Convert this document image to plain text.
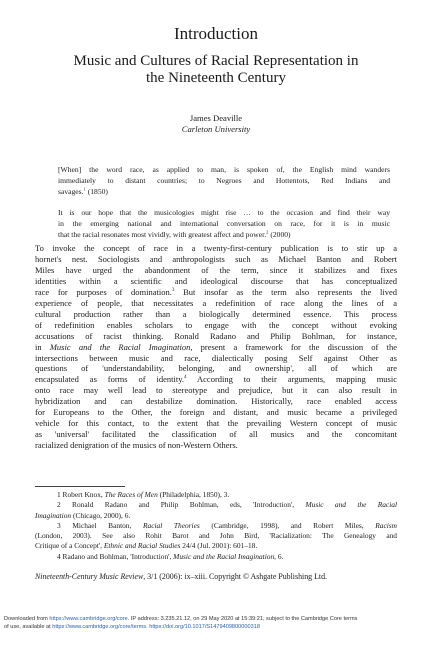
Introduction
Music and Cultures of Racial Representation in
the Nineteenth Century
James Deaville
Carleton University
[When] the word race, as applied to man, is spoken of, the English mind wanders
immediately to distant countries; to Negroes and Hottentots, Red Indians and
savages.$^1$ (1850)
It is our hope that the musicologies might rise … to the occasion and find their way
in the emerging national and international conversation on race, for it is in music
that the racial resonates most vividly, with greatest affect and power.$^2$ (2000)
To invoke the concept of race in a twenty-first-century publication is to stir up a
hornet's nest. Sociologists and anthropologists such as Michael Banton and Robert
Miles have urged the abandonment of the term, since it stabilizes and fixes
identities within a scientific and ideological discourse that has conceptualized
race for purposes of domination.$^3$ But insofar as the term also represents the lived
experience of people, that necessitates a redefinition of race along the lines of a
cultural production rather than a biologically determined essence. This process
of redefinition enables scholars to engage with the concept without evoking
accusations of racist thinking. Ronald Radano and Philip Bohlman, for instance,
in Music and the Racial Imagination, present a framework for the discussion of the
intersections between music and race, dialectically posing Self against Other as
questions of 'understandability, belonging, and ownership', all of which are
encapsulated as forms of identity.$^4$ According to their arguments, mapping music
onto race may well lead to stereotype and prejudice, but it can also result in
hybridization and can destabilize domination. Historically, race enabled access
for Europeans to the Other, the foreign and distant, and music became a privileged
vehicle for this contact, to the extent that the prevailing Western concept of music
as 'universal' facilitated the classification of all musics and the concomitant
racialized denigration of the musics of non-Western Others.
1 Robert Knox, The Races of Men (Philadelphia, 1850), 3.
2 Ronald Radano and Philip Bohlman, eds, 'Introduction', Music and the Racial
Imagination (Chicago, 2000), 6.
3 Michael Banton, Racial Theories (Cambridge, 1998), and Robert Miles, Racism
(London, 2003). See also Rohit Barot and John Bird, 'Racialization: The Genealogy and
Critique of a Concept', Ethnic and Racial Studies 24/4 (Jul. 2001): 601–18.
4 Radano and Bohlman, 'Introduction', Music and the Racial Imagination, 6.
Nineteenth-Century Music Review, 3/1 (2006): ix–xiii. Copyright © Ashgate Publishing Ltd.
Downloaded from https://www.cambridge.org/core. IP address: 3.235.21.12, on 29 May 2020 at 15:39:21, subject to the Cambridge Core terms
of use, available at https://www.cambridge.org/core/terms. https://doi.org/10.1017/S1479409800000318
